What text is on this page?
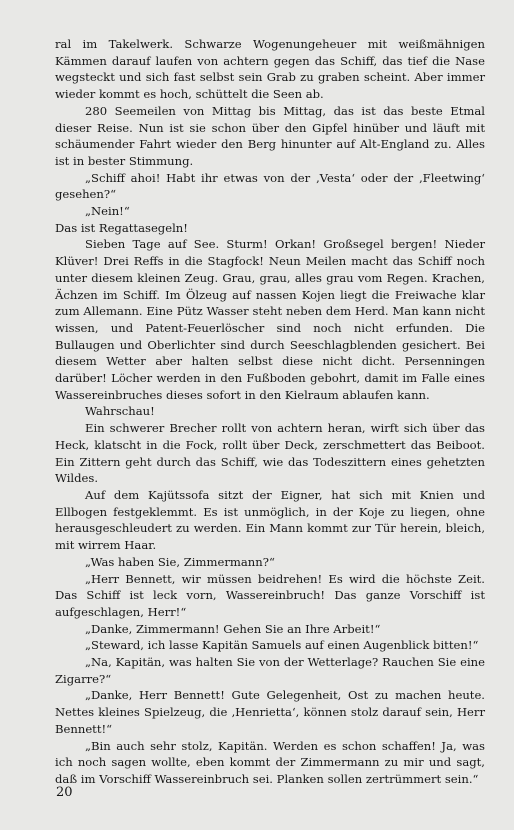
ral im Takelwerk. Schwarze Wogenungeheuer mit weißmähnigen Kämmen darauf laufen von achtern gegen das Schiff, das tief die Nase wegsteckt und sich fast selbst sein Grab zu graben scheint. Aber immer wieder kommt es hoch, schüttelt die Seen ab.

280 Seemeilen von Mittag bis Mittag, das ist das beste Etmal dieser Reise. Nun ist sie schon über den Gipfel hinüber und läuft mit schäumender Fahrt wieder den Berg hinunter auf Alt-England zu. Alles ist in bester Stimmung.

„Schiff ahoi! Habt ihr etwas von der ‚Vesta‘ oder der ‚Fleetwing‘ gesehen?“

„Nein!“

Das ist Regattasegeln!

Sieben Tage auf See. Sturm! Orkan! Großsegel bergen! Nieder Klüver! Drei Reffs in die Stagfock! Neun Meilen macht das Schiff noch unter diesem kleinen Zeug. Grau, grau, alles grau vom Regen. Krachen, Ächzen im Schiff. Im Ölzeug auf nassen Kojen liegt die Freiwache klar zum Allemann. Eine Pütz Wasser steht neben dem Herd. Man kann nicht wissen, und Patent-Feuerlöscher sind noch nicht erfunden. Die Bullaugen und Oberlichter sind durch Seeschlagblenden gesichert. Bei diesem Wetter aber halten selbst diese nicht dicht. Persenningen darüber! Löcher werden in den Fußboden gebohrt, damit im Falle eines Wassereinbruches dieses sofort in den Kielraum ablaufen kann.

Wahrschau!

Ein schwerer Brecher rollt von achtern heran, wirft sich über das Heck, klatscht in die Fock, rollt über Deck, zerschmettert das Beiboot. Ein Zittern geht durch das Schiff, wie das Todeszittern eines gehetzten Wildes.

Auf dem Kajütssofa sitzt der Eigner, hat sich mit Knien und Ellbogen festgeklemmt. Es ist unmöglich, in der Koje zu liegen, ohne herausgeschleudert zu werden. Ein Mann kommt zur Tür herein, bleich, mit wirrem Haar.

„Was haben Sie, Zimmermann?“

„Herr Bennett, wir müssen beidrehen! Es wird die höchste Zeit. Das Schiff ist leck vorn, Wassereinbruch! Das ganze Vorschiff ist aufgeschlagen, Herr!“

„Danke, Zimmermann! Gehen Sie an Ihre Arbeit!“

„Steward, ich lasse Kapitän Samuels auf einen Augenblick bitten!“

„Na, Kapitän, was halten Sie von der Wetterlage? Rauchen Sie eine Zigarre?“

„Danke, Herr Bennett! Gute Gelegenheit, Ost zu machen heute. Nettes kleines Spielzeug, die ‚Henrietta‘, können stolz darauf sein, Herr Bennett!“

„Bin auch sehr stolz, Kapitän. Werden es schon schaffen! Ja, was ich noch sagen wollte, eben kommt der Zimmermann zu mir und sagt, daß im Vorschiff Wassereinbruch sei. Planken sollen zertrümmert sein.“

20
